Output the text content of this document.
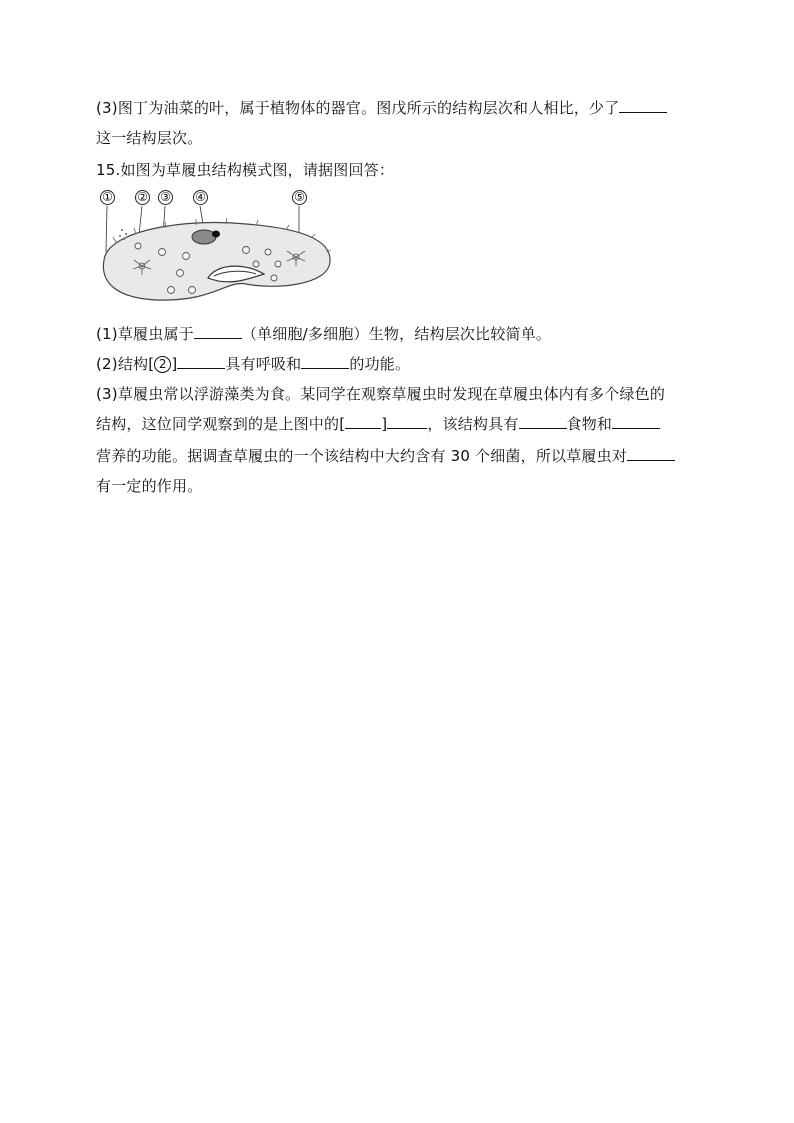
(3)图丁为油菜的叶，属于植物体的器官。图戊所示的结构层次和人相比，少了
这一结构层次。
15.如图为草履虫结构模式图，请据图回答：
① ② ③ ④	⑤
(1)草履虫属于	（单细胞/多细胞）生物，结构层次比较简单。
(2)结构[ 2 ]	具有呼吸和	的功能。
(3)草履虫常以浮游藻类为食。某同学在观察草履虫时发现在草履虫体内有多个绿色的
结构，这位同学观察到的是上图中的[ ]	，该结构具有	食物和
营养的功能。据调查草履虫的一个该结构中大约含有 30 个细菌，所以草履虫对
有一定的作用。
